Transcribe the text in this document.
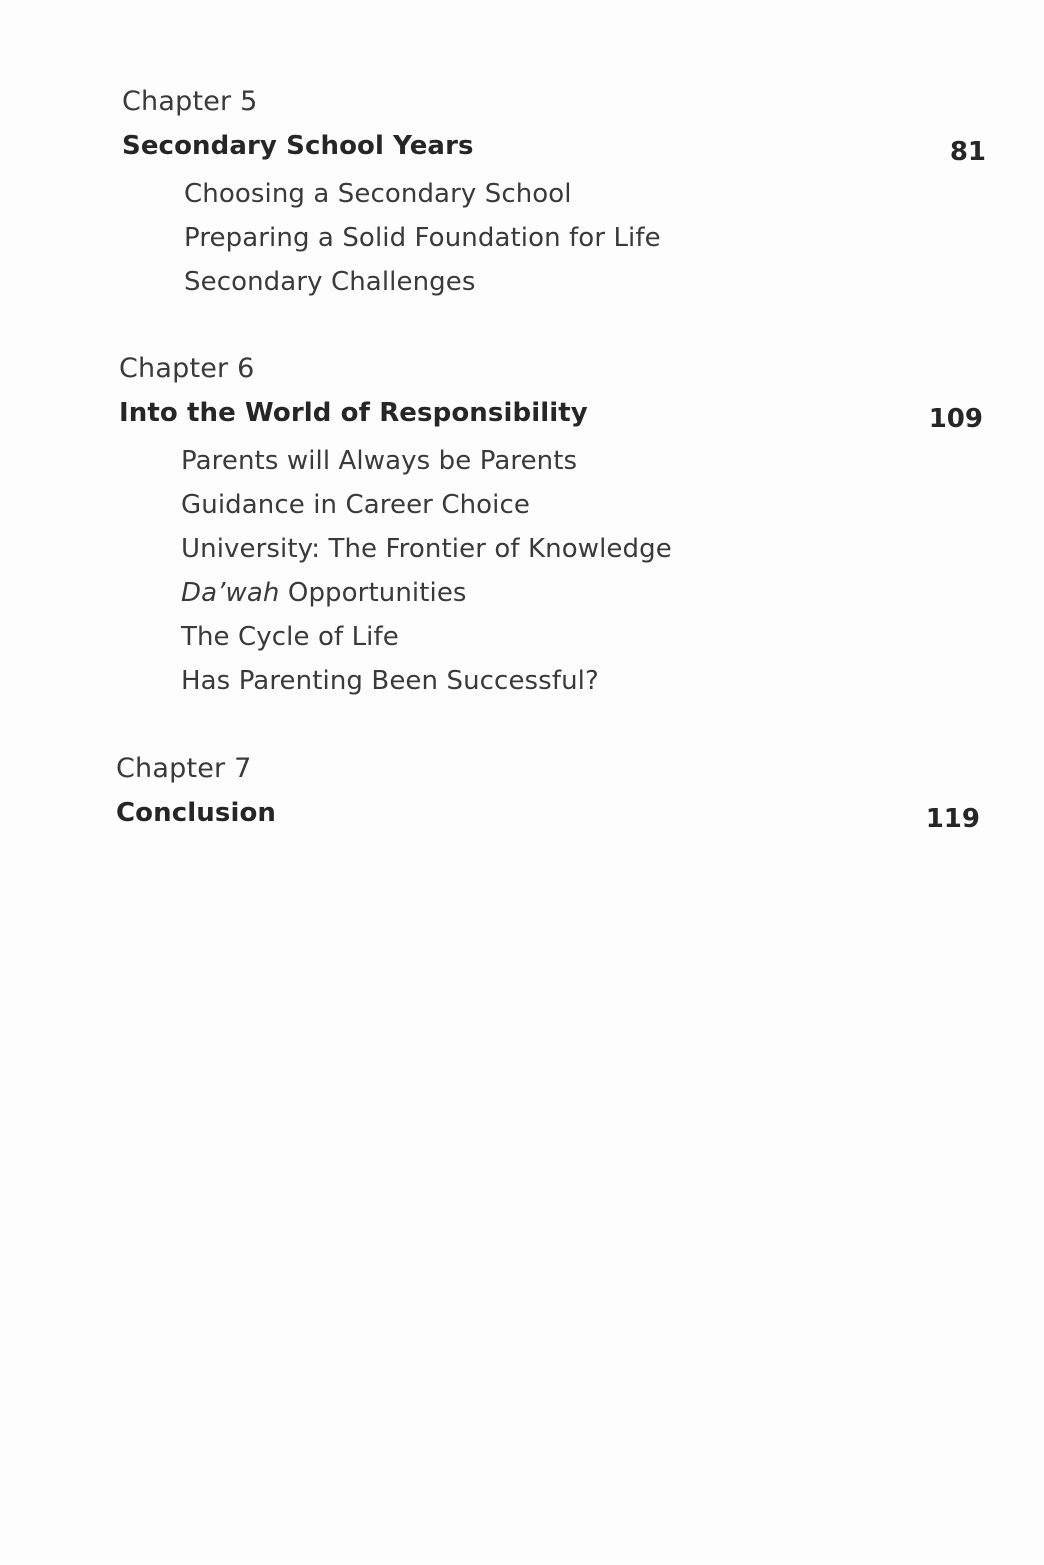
Chapter 5
Secondary School Years	81
Choosing a Secondary School
Preparing a Solid Foundation for Life
Secondary Challenges
Chapter 6
Into the World of Responsibility	109
Parents will Always be Parents
Guidance in Career Choice
University: The Frontier of Knowledge
Da’wah Opportunities
The Cycle of Life
Has Parenting Been Successful?
Chapter 7
Conclusion	119
